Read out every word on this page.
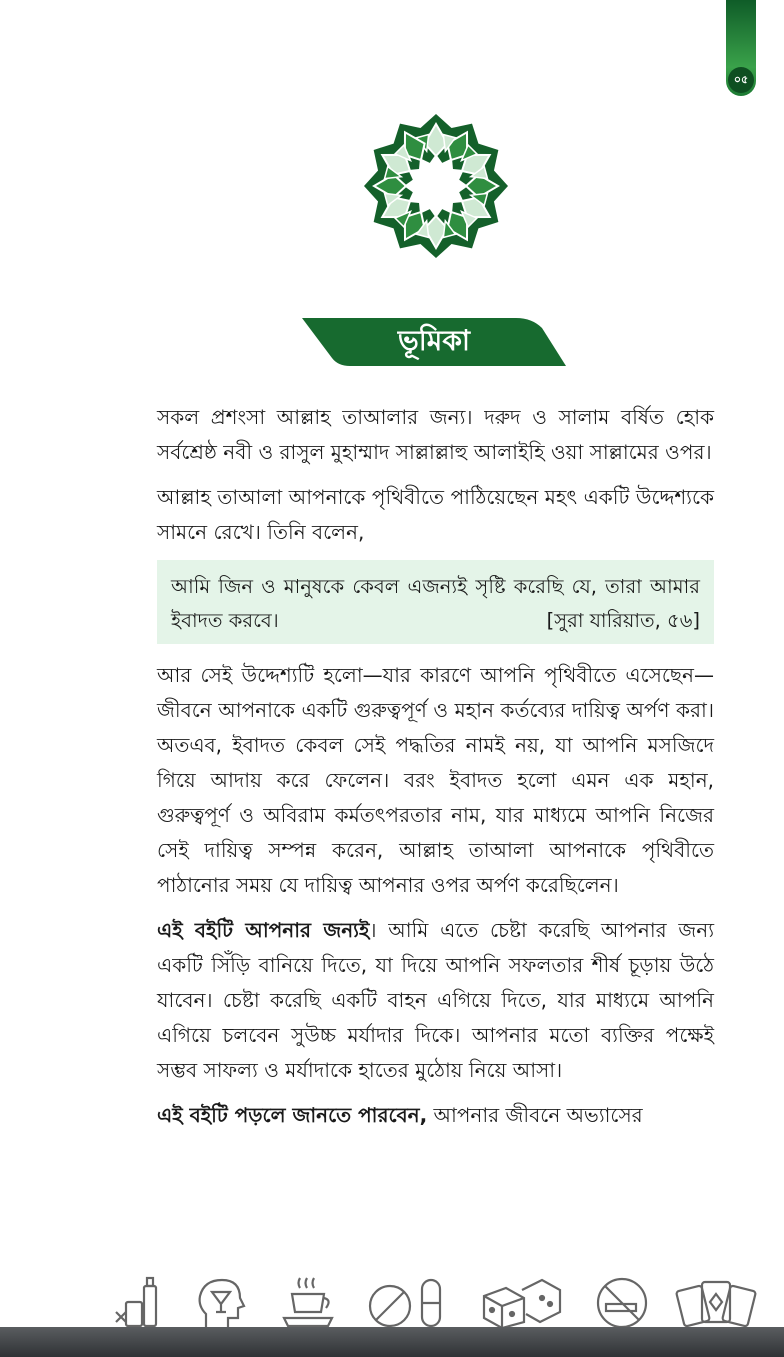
০৫
ভূমিকা

সকল প্রশংসা আল্লাহ তাআলার জন্য। দরুদ ও সালাম বর্ষিত হোক সর্বশ্রেষ্ঠ নবী ও রাসুল মুহাম্মাদ সাল্লাল্লাহু আলাইহি ওয়া সাল্লামের ওপর।

আল্লাহ তাআলা আপনাকে পৃথিবীতে পাঠিয়েছেন মহৎ একটি উদ্দেশ্যকে সামনে রেখে। তিনি বলেন,

আমি জিন ও মানুষকে কেবল এজন্যই সৃষ্টি করেছি যে, তারা আমার ইবাদত করবে।	[সুরা যারিয়াত, ৫৬]

আর সেই উদ্দেশ্যটি হলো—যার কারণে আপনি পৃথিবীতে এসেছেন—জীবনে আপনাকে একটি গুরুত্বপূর্ণ ও মহান কর্তব্যের দায়িত্ব অর্পণ করা। অতএব, ইবাদত কেবল সেই পদ্ধতির নামই নয়, যা আপনি মসজিদে গিয়ে আদায় করে ফেলেন। বরং ইবাদত হলো এমন এক মহান, গুরুত্বপূর্ণ ও অবিরাম কর্মতৎপরতার নাম, যার মাধ্যমে আপনি নিজের সেই দায়িত্ব সম্পন্ন করেন, আল্লাহ তাআলা আপনাকে পৃথিবীতে পাঠানোর সময় যে দায়িত্ব আপনার ওপর অর্পণ করেছিলেন।

এই বইটি আপনার জন্যই। আমি এতে চেষ্টা করেছি আপনার জন্য একটি সিঁড়ি বানিয়ে দিতে, যা দিয়ে আপনি সফলতার শীর্ষ চূড়ায় উঠে যাবেন। চেষ্টা করেছি একটি বাহন এগিয়ে দিতে, যার মাধ্যমে আপনি এগিয়ে চলবেন সুউচ্চ মর্যাদার দিকে। আপনার মতো ব্যক্তির পক্ষেই সম্ভব সাফল্য ও মর্যাদাকে হাতের মুঠোয় নিয়ে আসা।

এই বইটি পড়লে জানতে পারবেন, আপনার জীবনে অভ্যাসের
